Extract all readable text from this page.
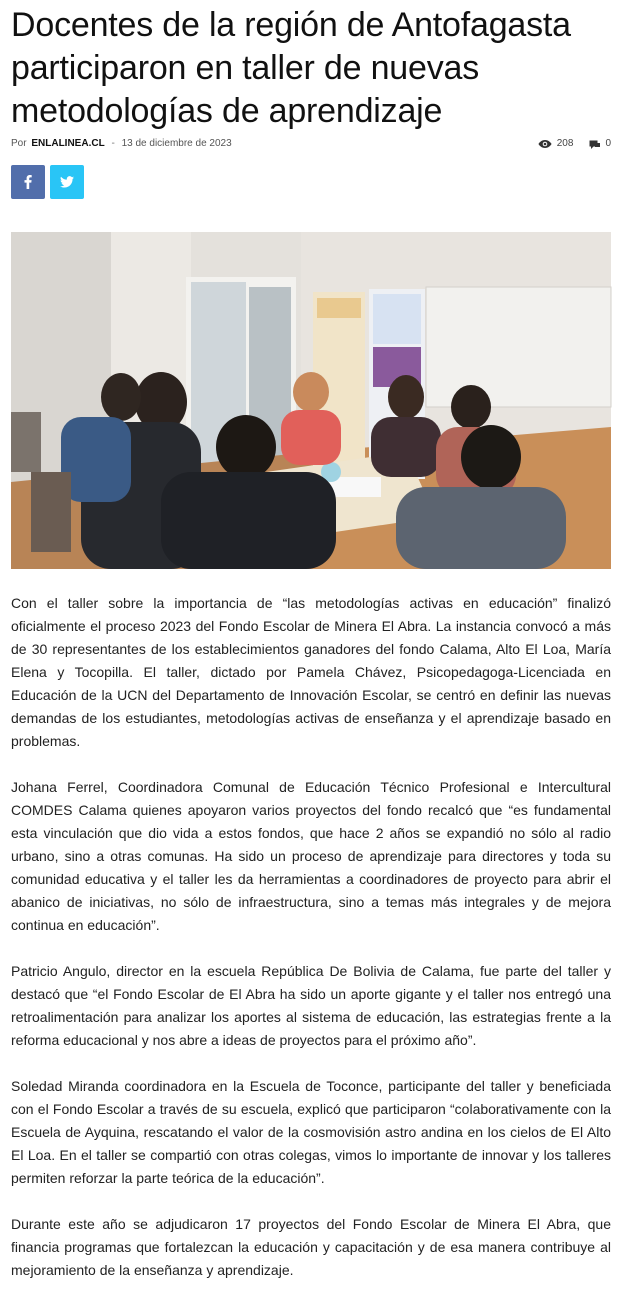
Docentes de la región de Antofagasta participaron en taller de nuevas metodologías de aprendizaje
Por ENLALINEA.CL - 13 de diciembre de 2023	208	0

Con el taller sobre la importancia de “las metodologías activas en educación” finalizó oficialmente el proceso 2023 del Fondo Escolar de Minera El Abra. La instancia convocó a más de 30 representantes de los establecimientos ganadores del fondo Calama, Alto El Loa, María Elena y Tocopilla. El taller, dictado por Pamela Chávez, Psicopedagoga-Licenciada en Educación de la UCN del Departamento de Innovación Escolar, se centró en definir las nuevas demandas de los estudiantes, metodologías activas de enseñanza y el aprendizaje basado en problemas.

Johana Ferrel, Coordinadora Comunal de Educación Técnico Profesional e Intercultural COMDES Calama quienes apoyaron varios proyectos del fondo recalcó que “es fundamental esta vinculación que dio vida a estos fondos, que hace 2 años se expandió no sólo al radio urbano, sino a otras comunas. Ha sido un proceso de aprendizaje para directores y toda su comunidad educativa y el taller les da herramientas a coordinadores de proyecto para abrir el abanico de iniciativas, no sólo de infraestructura, sino a temas más integrales y de mejora continua en educación”.

Patricio Angulo, director en la escuela República De Bolivia de Calama, fue parte del taller y destacó que “el Fondo Escolar de El Abra ha sido un aporte gigante y el taller nos entregó una retroalimentación para analizar los aportes al sistema de educación, las estrategias frente a la reforma educacional y nos abre a ideas de proyectos para el próximo año”.

Soledad Miranda coordinadora en la Escuela de Toconce, participante del taller y beneficiada con el Fondo Escolar a través de su escuela, explicó que participaron “colaborativamente con la Escuela de Ayquina, rescatando el valor de la cosmovisión astro andina en los cielos de El Alto El Loa. En el taller se compartió con otras colegas, vimos lo importante de innovar y los talleres permiten reforzar la parte teórica de la educación”.

Durante este año se adjudicaron 17 proyectos del Fondo Escolar de Minera El Abra, que financia programas que fortalezcan la educación y capacitación y de esa manera contribuye al mejoramiento de la enseñanza y aprendizaje.
